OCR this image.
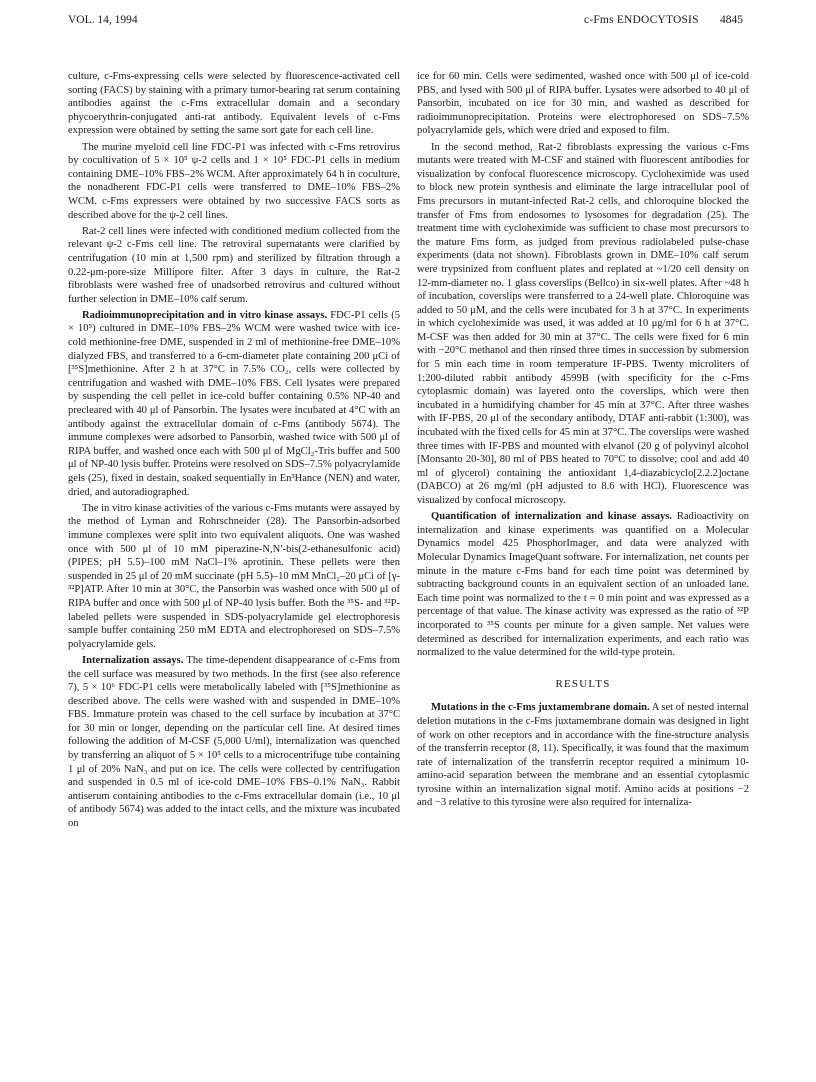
VOL. 14, 1994	c-Fms ENDOCYTOSIS 4845

culture, c-Fms-expressing cells were selected by fluorescence-activated cell sorting (FACS) by staining with a primary tumor-bearing rat serum containing antibodies against the c-Fms extracellular domain and a secondary phycoerythrin-conjugated anti-rat antibody. Equivalent levels of c-Fms expression were obtained by setting the same sort gate for each cell line.

The murine myeloid cell line FDC-P1 was infected with c-Fms retrovirus by cocultivation of 5 × 10⁵ ψ-2 cells and 1 × 10⁵ FDC-P1 cells in medium containing DME–10% FBS–2% WCM. After approximately 64 h in coculture, the nonadherent FDC-P1 cells were transferred to DME–10% FBS–2% WCM. c-Fms expressers were obtained by two successive FACS sorts as described above for the ψ-2 cell lines.

Rat-2 cell lines were infected with conditioned medium collected from the relevant ψ-2 c-Fms cell line. The retroviral supernatants were clarified by centrifugation (10 min at 1,500 rpm) and sterilized by filtration through a 0.22-μm-pore-size Millipore filter. After 3 days in culture, the Rat-2 fibroblasts were washed free of unadsorbed retrovirus and cultured without further selection in DME–10% calf serum.

Radioimmunoprecipitation and in vitro kinase assays. FDC-P1 cells (5 × 10⁵) cultured in DME–10% FBS–2% WCM were washed twice with ice-cold methionine-free DME, suspended in 2 ml of methionine-free DME–10% dialyzed FBS, and transferred to a 6-cm-diameter plate containing 200 μCi of [³⁵S]methionine. After 2 h at 37°C in 7.5% CO₂, cells were collected by centrifugation and washed with DME–10% FBS. Cell lysates were prepared by suspending the cell pellet in ice-cold buffer containing 0.5% NP-40 and precleared with 40 μl of Pansorbin. The lysates were incubated at 4°C with an antibody against the extracellular domain of c-Fms (antibody 5674). The immune complexes were adsorbed to Pansorbin, washed twice with 500 μl of RIPA buffer, and washed once each with 500 μl of MgCl₂-Tris buffer and 500 μl of NP-40 lysis buffer. Proteins were resolved on SDS–7.5% polyacrylamide gels (25), fixed in destain, soaked sequentially in En³Hance (NEN) and water, dried, and autoradiographed.

The in vitro kinase activities of the various c-Fms mutants were assayed by the method of Lyman and Rohrschneider (28). The Pansorbin-adsorbed immune complexes were split into two equivalent aliquots. One was washed once with 500 μl of 10 mM piperazine-N,N′-bis(2-ethanesulfonic acid) (PIPES; pH 5.5)–100 mM NaCl–1% aprotinin. These pellets were then suspended in 25 μl of 20 mM succinate (pH 5.5)–10 mM MnCl₂–20 μCi of [γ-³²P]ATP. After 10 min at 30°C, the Pansorbin was washed once with 500 μl of RIPA buffer and once with 500 μl of NP-40 lysis buffer. Both the ³⁵S- and ³²P-labeled pellets were suspended in SDS-polyacrylamide gel electrophoresis sample buffer containing 250 mM EDTA and electrophoresed on SDS–7.5% polyacrylamide gels.

Internalization assays. The time-dependent disappearance of c-Fms from the cell surface was measured by two methods. In the first (see also reference 7), 5 × 10⁶ FDC-P1 cells were metabolically labeled with [³⁵S]methionine as described above. The cells were washed with and suspended in DME–10% FBS. Immature protein was chased to the cell surface by incubation at 37°C for 30 min or longer, depending on the particular cell line. At desired times following the addition of M-CSF (5,000 U/ml), internalization was quenched by transferring an aliquot of 5 × 10⁵ cells to a microcentrifuge tube containing 1 μl of 20% NaN₃ and put on ice. The cells were collected by centrifugation and suspended in 0.5 ml of ice-cold DME–10% FBS–0.1% NaN₃. Rabbit antiserum containing antibodies to the c-Fms extracellular domain (i.e., 10 μl of antibody 5674) was added to the intact cells, and the mixture was incubated on

ice for 60 min. Cells were sedimented, washed once with 500 μl of ice-cold PBS, and lysed with 500 μl of RIPA buffer. Lysates were adsorbed to 40 μl of Pansorbin, incubated on ice for 30 min, and washed as described for radioimmunoprecipitation. Proteins were electrophoresed on SDS–7.5% polyacrylamide gels, which were dried and exposed to film.

In the second method, Rat-2 fibroblasts expressing the various c-Fms mutants were treated with M-CSF and stained with fluorescent antibodies for visualization by confocal fluorescence microscopy. Cycloheximide was used to block new protein synthesis and eliminate the large intracellular pool of Fms precursors in mutant-infected Rat-2 cells, and chloroquine blocked the transfer of Fms from endosomes to lysosomes for degradation (25). The treatment time with cycloheximide was sufficient to chase most precursors to the mature Fms form, as judged from previous radiolabeled pulse-chase experiments (data not shown). Fibroblasts grown in DME–10% calf serum were trypsinized from confluent plates and replated at ~1/20 cell density on 12-mm-diameter no. 1 glass coverslips (Bellco) in six-well plates. After ~48 h of incubation, coverslips were transferred to a 24-well plate. Chloroquine was added to 50 μM, and the cells were incubated for 3 h at 37°C. In experiments in which cycloheximide was used, it was added at 10 μg/ml for 6 h at 37°C. M-CSF was then added for 30 min at 37°C. The cells were fixed for 6 min with −20°C methanol and then rinsed three times in succession by submersion for 5 min each time in room temperature IF-PBS. Twenty microliters of 1:200-diluted rabbit antibody 4599B (with specificity for the c-Fms cytoplasmic domain) was layered onto the coverslips, which were then incubated in a humidifying chamber for 45 min at 37°C. After three washes with IF-PBS, 20 μl of the secondary antibody, DTAF anti-rabbit (1:300), was incubated with the fixed cells for 45 min at 37°C. The coverslips were washed three times with IF-PBS and mounted with elvanol (20 g of polyvinyl alcohol [Monsanto 20-30], 80 ml of PBS heated to 70°C to dissolve; cool and add 40 ml of glycerol) containing the antioxidant 1,4-diazabicyclo[2.2.2]octane (DABCO) at 26 mg/ml (pH adjusted to 8.6 with HCl). Fluorescence was visualized by confocal microscopy.

Quantification of internalization and kinase assays. Radioactivity on internalization and kinase experiments was quantified on a Molecular Dynamics model 425 PhosphorImager, and data were analyzed with Molecular Dynamics ImageQuant software. For internalization, net counts per minute in the mature c-Fms band for each time point was determined by subtracting background counts in an equivalent section of an unloaded lane. Each time point was normalized to the t = 0 min point and was expressed as a percentage of that value. The kinase activity was expressed as the ratio of ³²P incorporated to ³⁵S counts per minute for a given sample. Net values were determined as described for internalization experiments, and each ratio was normalized to the value determined for the wild-type protein.

RESULTS

Mutations in the c-Fms juxtamembrane domain. A set of nested internal deletion mutations in the c-Fms juxtamembrane domain was designed in light of work on other receptors and in accordance with the fine-structure analysis of the transferrin receptor (8, 11). Specifically, it was found that the maximum rate of internalization of the transferrin receptor required a minimum 10-amino-acid separation between the membrane and an essential cytoplasmic tyrosine within an internalization signal motif. Amino acids at positions −2 and −3 relative to this tyrosine were also required for internaliza-
